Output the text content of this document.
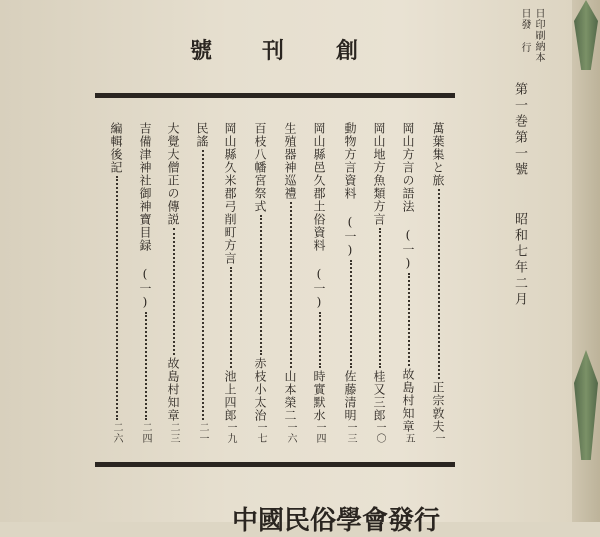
日印刷納本
日發 行
號 刊 創
第一巻第一號
昭和七年二月
萬葉集と旅
正宗敦夫
一
岡山方言の語法 (一)
故島村知章
五
岡山地方魚類方言
桂又三郎
一〇
動物方言資料 (一)
佐藤清明
一三
岡山縣邑久郡土俗資料 (一)
時實默水
一四
生殖器神巡禮
山本榮二
一六
百枝八幡宮祭式
赤枝小太治
一七
岡山縣久米郡弓削町方言
池上四郎
一九
民謠
二一
大覺大僧正の傳説
故島村知章
二三
吉備津神社御神寶目録 (一)
二四
編輯後記
二六
中國民俗學會發行
